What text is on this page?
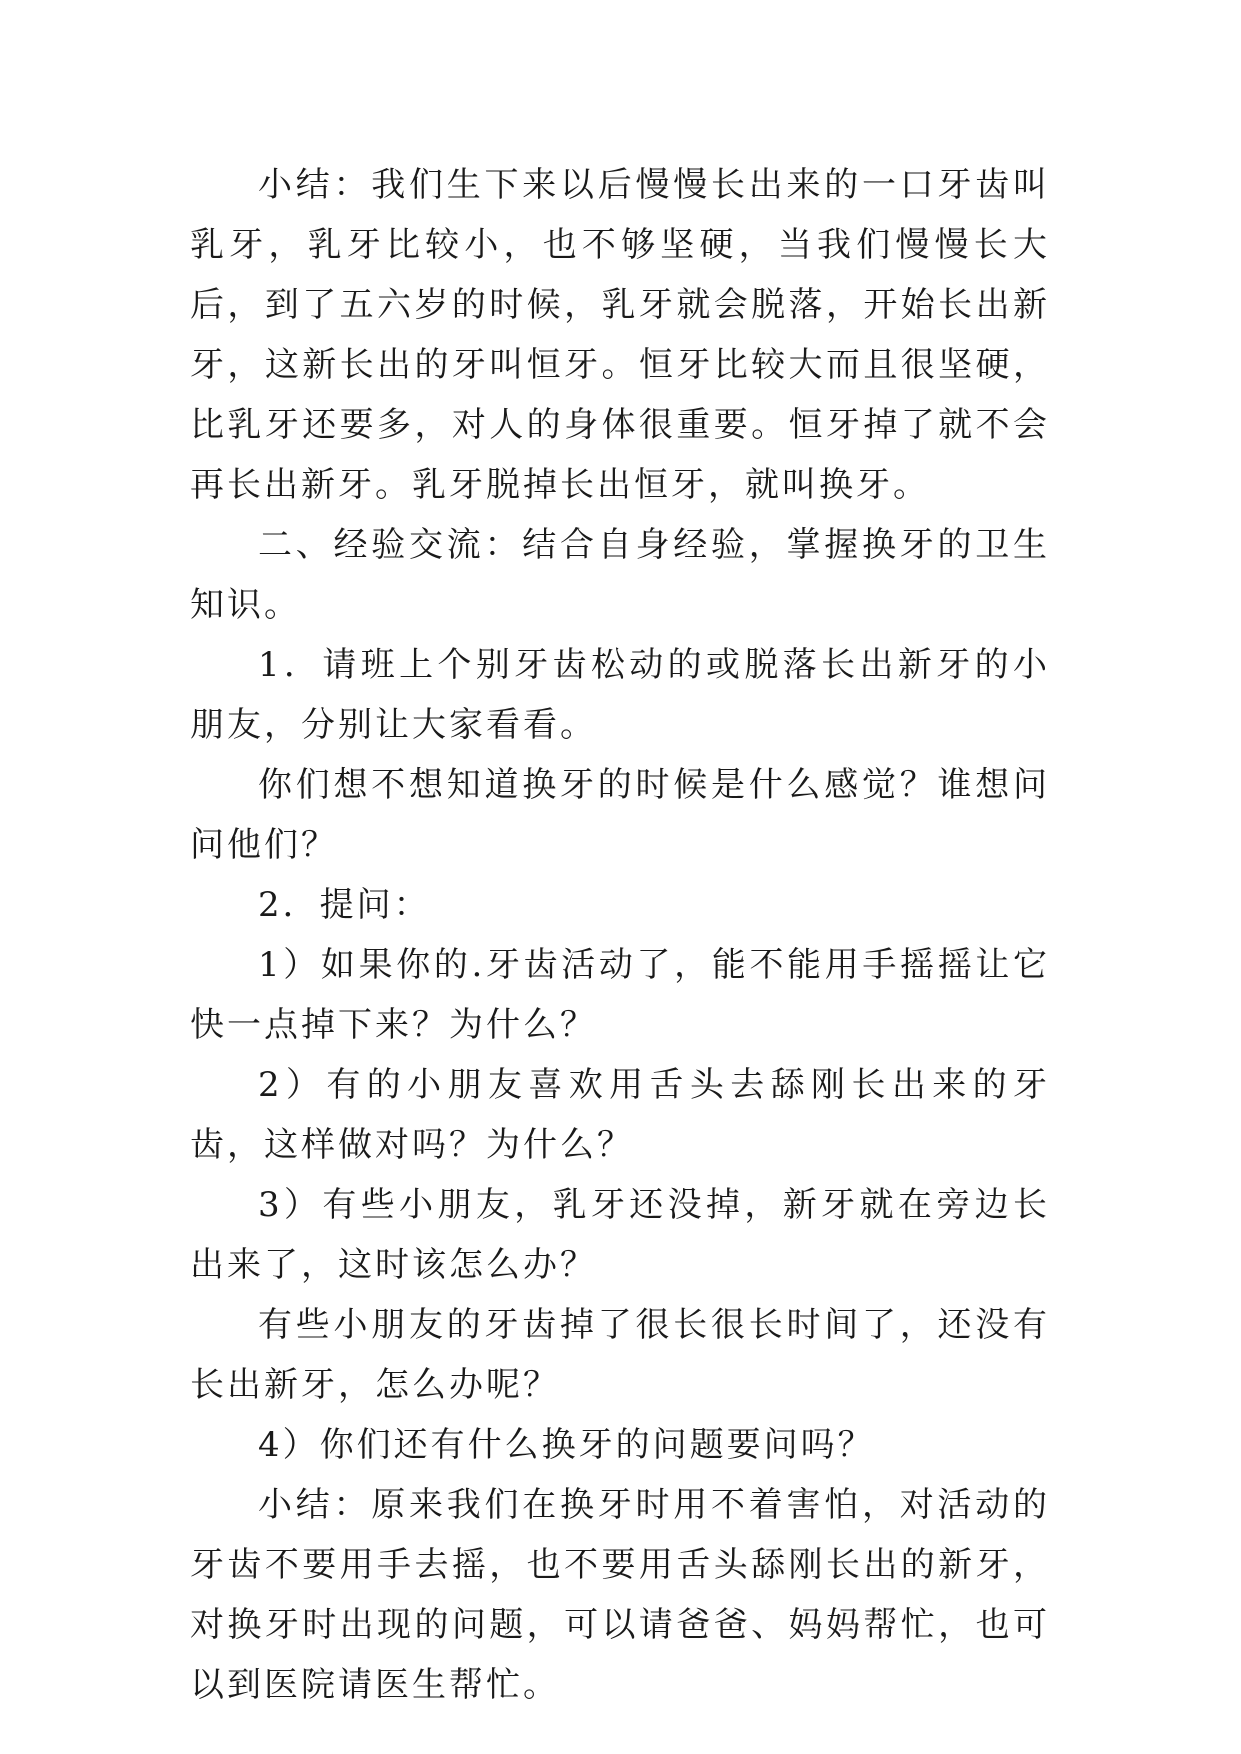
小结：我们生下来以后慢慢长出来的一口牙齿叫乳牙，乳牙比较小，也不够坚硬，当我们慢慢长大后，到了五六岁的时候，乳牙就会脱落，开始长出新牙，这新长出的牙叫恒牙。恒牙比较大而且很坚硬，比乳牙还要多，对人的身体很重要。恒牙掉了就不会再长出新牙。乳牙脱掉长出恒牙，就叫换牙。

二、经验交流：结合自身经验，掌握换牙的卫生知识。

1．请班上个别牙齿松动的或脱落长出新牙的小朋友，分别让大家看看。

你们想不想知道换牙的时候是什么感觉？谁想问问他们？

2．提问：

1）如果你的.牙齿活动了，能不能用手摇摇让它快一点掉下来？为什么？

2）有的小朋友喜欢用舌头去舔刚长出来的牙齿，这样做对吗？为什么？

3）有些小朋友，乳牙还没掉，新牙就在旁边长出来了，这时该怎么办？

有些小朋友的牙齿掉了很长很长时间了，还没有长出新牙，怎么办呢？

4）你们还有什么换牙的问题要问吗？

小结：原来我们在换牙时用不着害怕，对活动的牙齿不要用手去摇，也不要用舌头舔刚长出的新牙，对换牙时出现的问题，可以请爸爸、妈妈帮忙，也可以到医院请医生帮忙。
